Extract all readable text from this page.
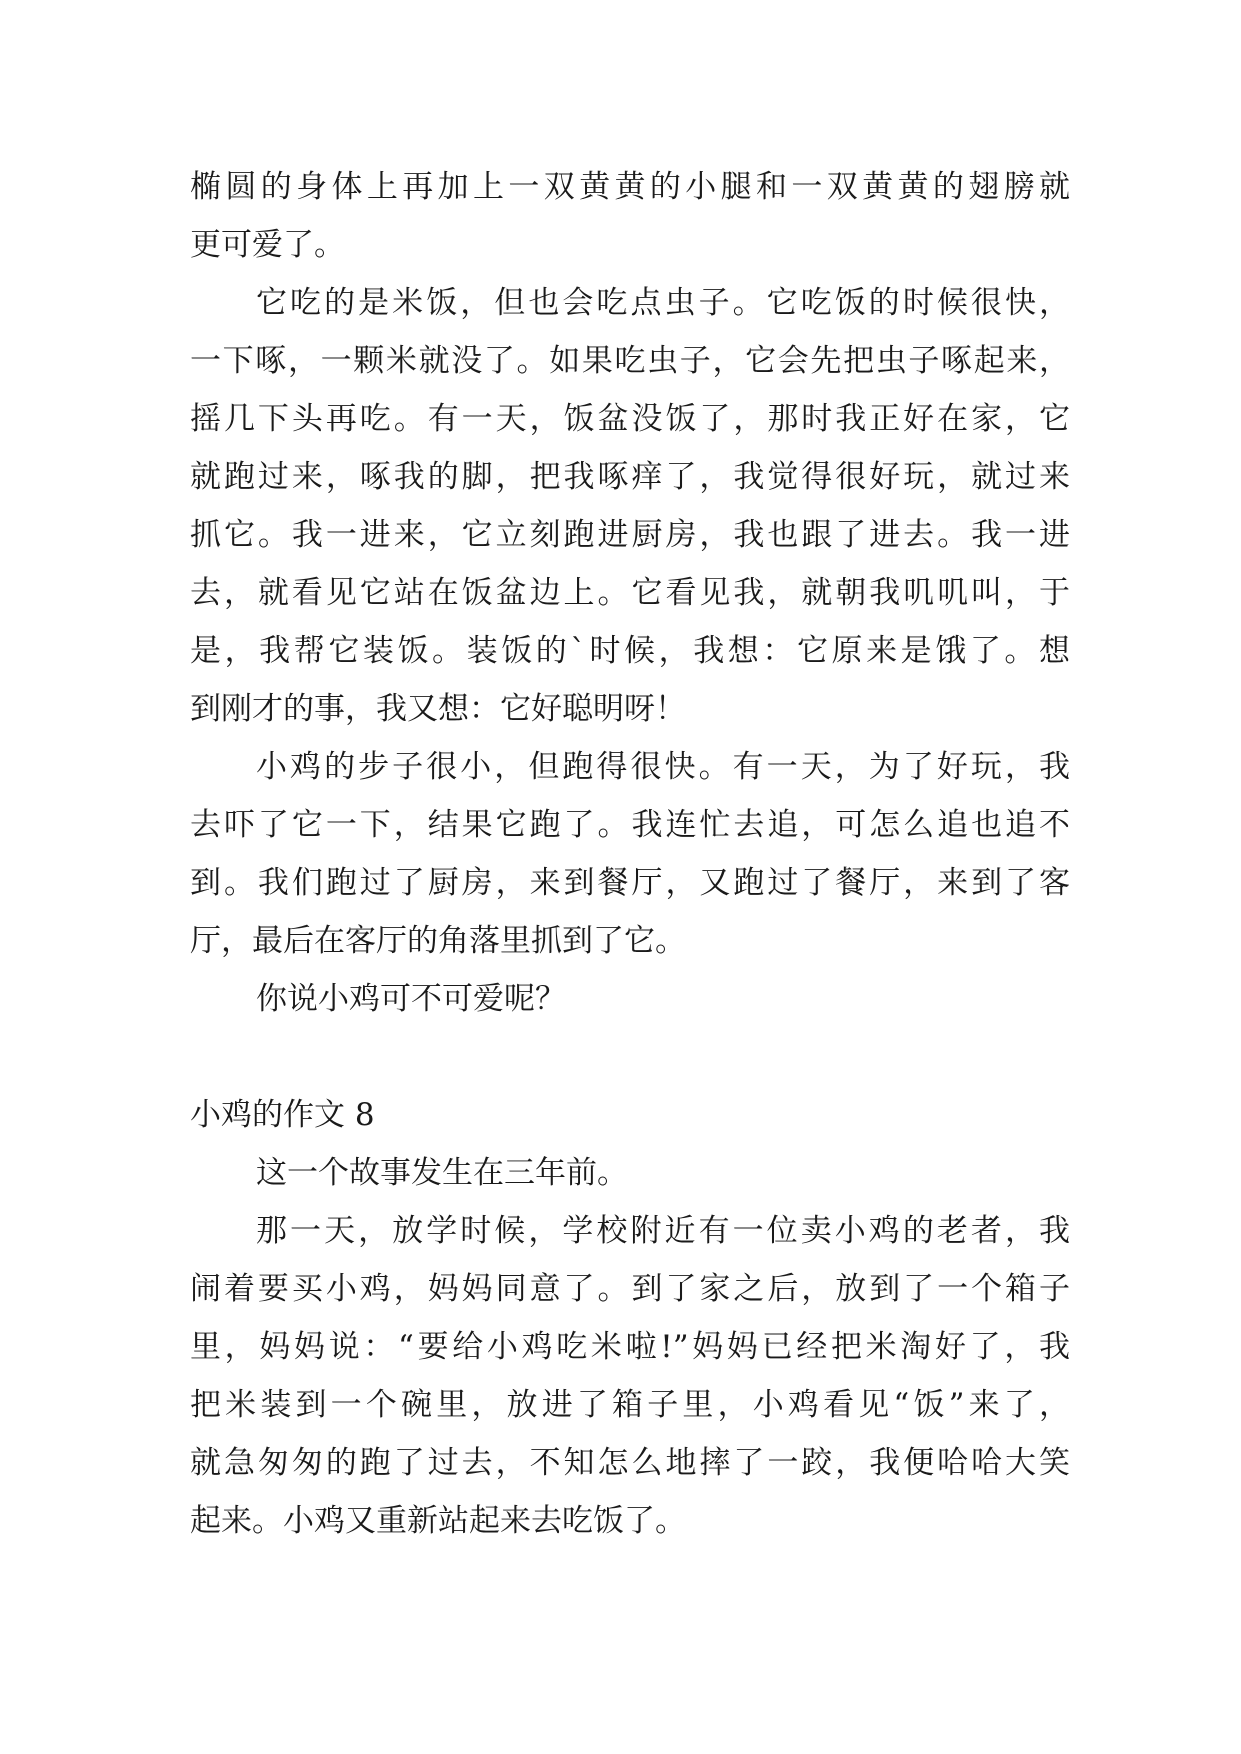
椭圆的身体上再加上一双黄黄的小腿和一双黄黄的翅膀就
更可爱了。
它吃的是米饭，但也会吃点虫子。它吃饭的时候很快，
一下啄，一颗米就没了。如果吃虫子，它会先把虫子啄起来，
摇几下头再吃。有一天，饭盆没饭了，那时我正好在家，它
就跑过来，啄我的脚，把我啄痒了，我觉得很好玩，就过来
抓它。我一进来，它立刻跑进厨房，我也跟了进去。我一进
去，就看见它站在饭盆边上。它看见我，就朝我叽叽叫，于
是，我帮它装饭。装饭的`时候，我想：它原来是饿了。想
到刚才的事，我又想：它好聪明呀！
小鸡的步子很小，但跑得很快。有一天，为了好玩，我
去吓了它一下，结果它跑了。我连忙去追，可怎么追也追不
到。我们跑过了厨房，来到餐厅，又跑过了餐厅，来到了客
厅，最后在客厅的角落里抓到了它。
你说小鸡可不可爱呢？
小鸡的作文 8
这一个故事发生在三年前。
那一天，放学时候，学校附近有一位卖小鸡的老者，我
闹着要买小鸡，妈妈同意了。到了家之后，放到了一个箱子
里，妈妈说：“要给小鸡吃米啦!”妈妈已经把米淘好了，我
把米装到一个碗里，放进了箱子里，小鸡看见“饭”来了，
就急匆匆的跑了过去，不知怎么地摔了一跤，我便哈哈大笑
起来。小鸡又重新站起来去吃饭了。
